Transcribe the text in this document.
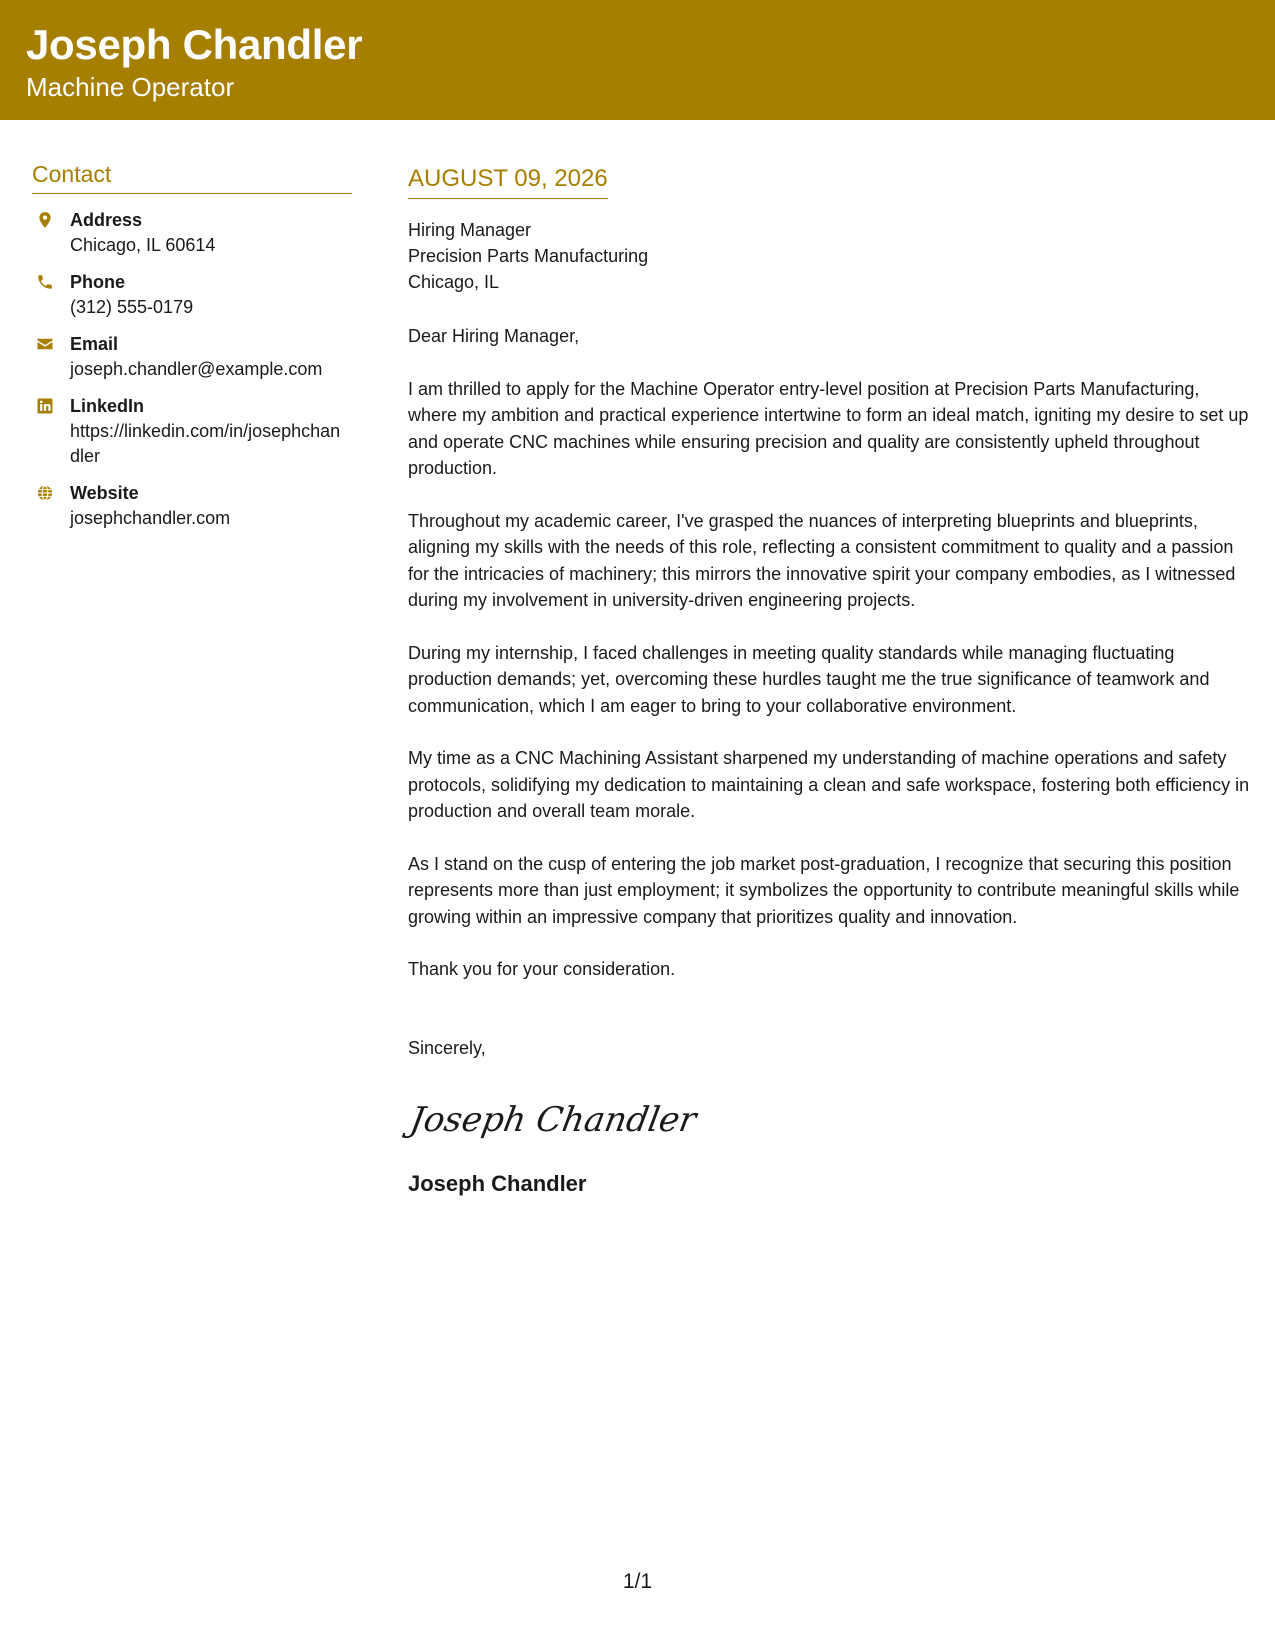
Joseph Chandler
Machine Operator
Contact
Address
Chicago, IL 60614
Phone
(312) 555-0179
Email
joseph.chandler@example.com
LinkedIn
https://linkedin.com/in/josephchandler
Website
josephchandler.com
AUGUST 09, 2026
Hiring Manager
Precision Parts Manufacturing
Chicago, IL
Dear Hiring Manager,
I am thrilled to apply for the Machine Operator entry-level position at Precision Parts Manufacturing, where my ambition and practical experience intertwine to form an ideal match, igniting my desire to set up and operate CNC machines while ensuring precision and quality are consistently upheld throughout production.
Throughout my academic career, I've grasped the nuances of interpreting blueprints and blueprints, aligning my skills with the needs of this role, reflecting a consistent commitment to quality and a passion for the intricacies of machinery; this mirrors the innovative spirit your company embodies, as I witnessed during my involvement in university-driven engineering projects.
During my internship, I faced challenges in meeting quality standards while managing fluctuating production demands; yet, overcoming these hurdles taught me the true significance of teamwork and communication, which I am eager to bring to your collaborative environment.
My time as a CNC Machining Assistant sharpened my understanding of machine operations and safety protocols, solidifying my dedication to maintaining a clean and safe workspace, fostering both efficiency in production and overall team morale.
As I stand on the cusp of entering the job market post-graduation, I recognize that securing this position represents more than just employment; it symbolizes the opportunity to contribute meaningful skills while growing within an impressive company that prioritizes quality and innovation.
Thank you for your consideration.
Sincerely,
Joseph Chandler
Joseph Chandler
1/1
